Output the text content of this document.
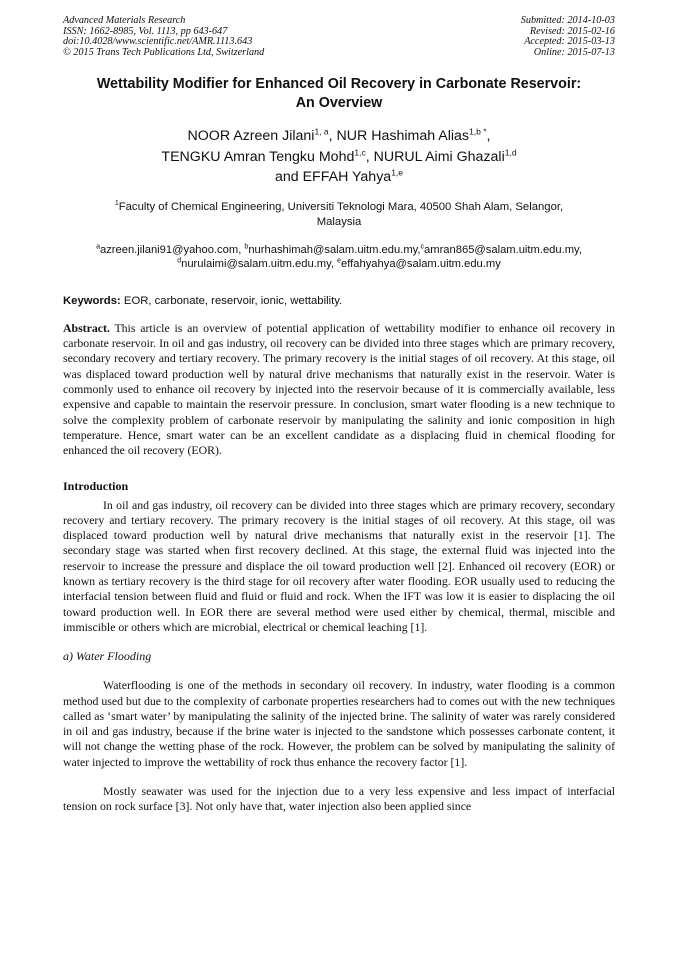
Advanced Materials Research
ISSN: 1662-8985, Vol. 1113, pp 643-647
doi:10.4028/www.scientific.net/AMR.1113.643
© 2015 Trans Tech Publications Ltd, Switzerland
Submitted: 2014-10-03
Revised: 2015-02-16
Accepted: 2015-03-13
Online: 2015-07-13
Wettability Modifier for Enhanced Oil Recovery in Carbonate Reservoir:
An Overview
NOOR Azreen Jilani$^{1, a}$, NUR Hashimah Alias$^{1,b *}$,
TENGKU Amran Tengku Mohd$^{1,c}$, NURUL Aimi Ghazali$^{1,d}$
and EFFAH Yahya$^{1,e}$
$^1$Faculty of Chemical Engineering, Universiti Teknologi Mara, 40500 Shah Alam, Selangor,
Malaysia
$^a$azreen.jilani91@yahoo.com, $^b$nurhashimah@salam.uitm.edu.my,$^c$amran865@salam.uitm.edu.my,
$^d$nurulaimi@salam.uitm.edu.my, $^e$effahyahya@salam.uitm.edu.my
Keywords: EOR, carbonate, reservoir, ionic, wettability.
Abstract. This article is an overview of potential application of wettability modifier to enhance oil recovery in carbonate reservoir. In oil and gas industry, oil recovery can be divided into three stages which are primary recovery, secondary recovery and tertiary recovery. The primary recovery is the initial stages of oil recovery. At this stage, oil was displaced toward production well by natural drive mechanisms that naturally exist in the reservoir. Water is commonly used to enhance oil recovery by injected into the reservoir because of it is commercially available, less expensive and capable to maintain the reservoir pressure. In conclusion, smart water flooding is a new technique to solve the complexity problem of carbonate reservoir by manipulating the salinity and ionic composition in high temperature. Hence, smart water can be an excellent candidate as a displacing fluid in chemical flooding for enhanced the oil recovery (EOR).
Introduction
In oil and gas industry, oil recovery can be divided into three stages which are primary recovery, secondary recovery and tertiary recovery. The primary recovery is the initial stages of oil recovery. At this stage, oil was displaced toward production well by natural drive mechanisms that naturally exist in the reservoir [1]. The secondary stage was started when first recovery declined. At this stage, the external fluid was injected into the reservoir to increase the pressure and displace the oil toward production well [2]. Enhanced oil recovery (EOR) or known as tertiary recovery is the third stage for oil recovery after water flooding. EOR usually used to reducing the interfacial tension between fluid and fluid or fluid and rock. When the IFT was low it is easier to displacing the oil toward production well. In EOR there are several method were used either by chemical, thermal, miscible and immiscible or others which are microbial, electrical or chemical leaching [1].
a) Water Flooding
Waterflooding is one of the methods in secondary oil recovery. In industry, water flooding is a common method used but due to the complexity of carbonate properties researchers had to comes out with the new techniques called as ‘smart water’ by manipulating the salinity of the injected brine. The salinity of water was rarely considered in oil and gas industry, because if the brine water is injected to the sandstone which possesses carbonate content, it will not change the wetting phase of the rock. However, the problem can be solved by manipulating the salinity of water injected to improve the wettability of rock thus enhance the recovery factor [1].
Mostly seawater was used for the injection due to a very less expensive and less impact of interfacial tension on rock surface [3]. Not only have that, water injection also been applied since
